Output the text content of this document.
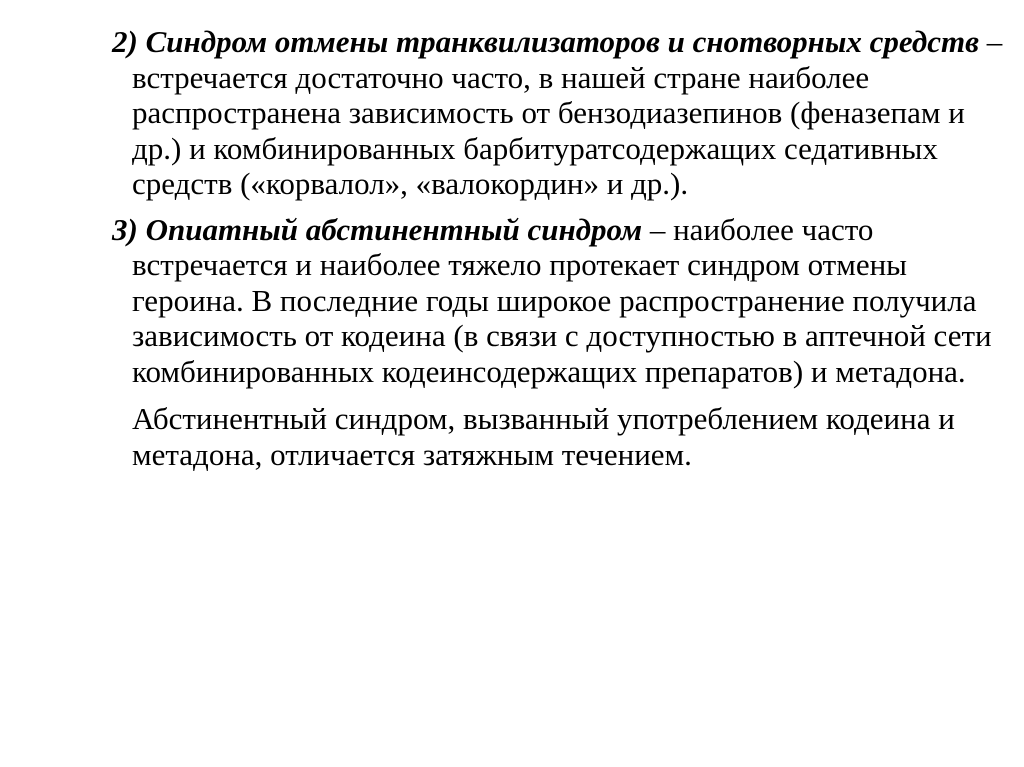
2) Синдром отмены транквилизаторов и снотворных средств – встречается достаточно часто, в нашей стране наиболее распространена зависимость от бензодиазепинов (феназепам и др.) и комбинированных барбитуратсодержащих седативных средств («корвалол», «валокордин» и др.).

3) Опиатный абстинентный синдром – наиболее часто встречается и наиболее тяжело протекает синдром отмены героина. В последние годы широкое распространение получила зависимость от кодеина (в связи с доступностью в аптечной сети комбинированных кодеинсодержащих препаратов) и метадона.

Абстинентный синдром, вызванный употреблением кодеина и метадона, отличается затяжным течением.
